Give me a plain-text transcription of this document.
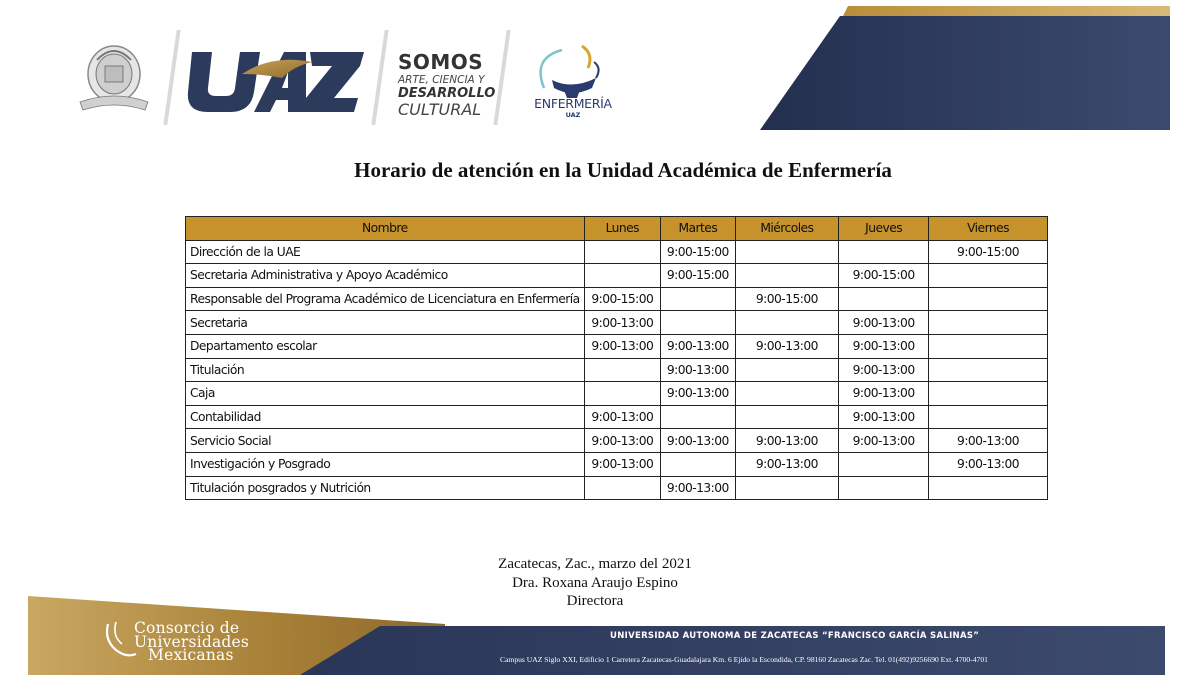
SOMOS
ARTE, CIENCIA Y
DESARROLLO
CULTURAL	ENFERMERÍA
UAZ
Horario de atención en la Unidad Académica de Enfermería
Nombre	Lunes	Martes	Miércoles	Jueves	Viernes
Dirección de la UAE		9:00-15:00			9:00-15:00
Secretaria Administrativa y Apoyo Académico		9:00-15:00		9:00-15:00	
Responsable del Programa Académico de Licenciatura en Enfermería	9:00-15:00		9:00-15:00		
Secretaria	9:00-13:00			9:00-13:00	
Departamento escolar	9:00-13:00	9:00-13:00	9:00-13:00	9:00-13:00	
Titulación		9:00-13:00		9:00-13:00	
Caja		9:00-13:00		9:00-13:00	
Contabilidad	9:00-13:00			9:00-13:00	
Servicio Social	9:00-13:00	9:00-13:00	9:00-13:00	9:00-13:00	9:00-13:00
Investigación y Posgrado	9:00-13:00		9:00-13:00		9:00-13:00
Titulación posgrados y Nutrición		9:00-13:00			
Zacatecas, Zac., marzo del 2021
Dra. Roxana Araujo Espino
Directora
Consorcio de
Universidades
Mexicanas
UNIVERSIDAD AUTONOMA DE ZACATECAS “FRANCISCO GARCÍA SALINAS”
Campus UAZ Siglo XXI, Edificio 1 Carretera Zacatecas-Guadalajara Km. 6 Ejido la Escondida, CP. 98160 Zacatecas Zac. Tel. 01(492)9256690 Ext. 4700-4701
